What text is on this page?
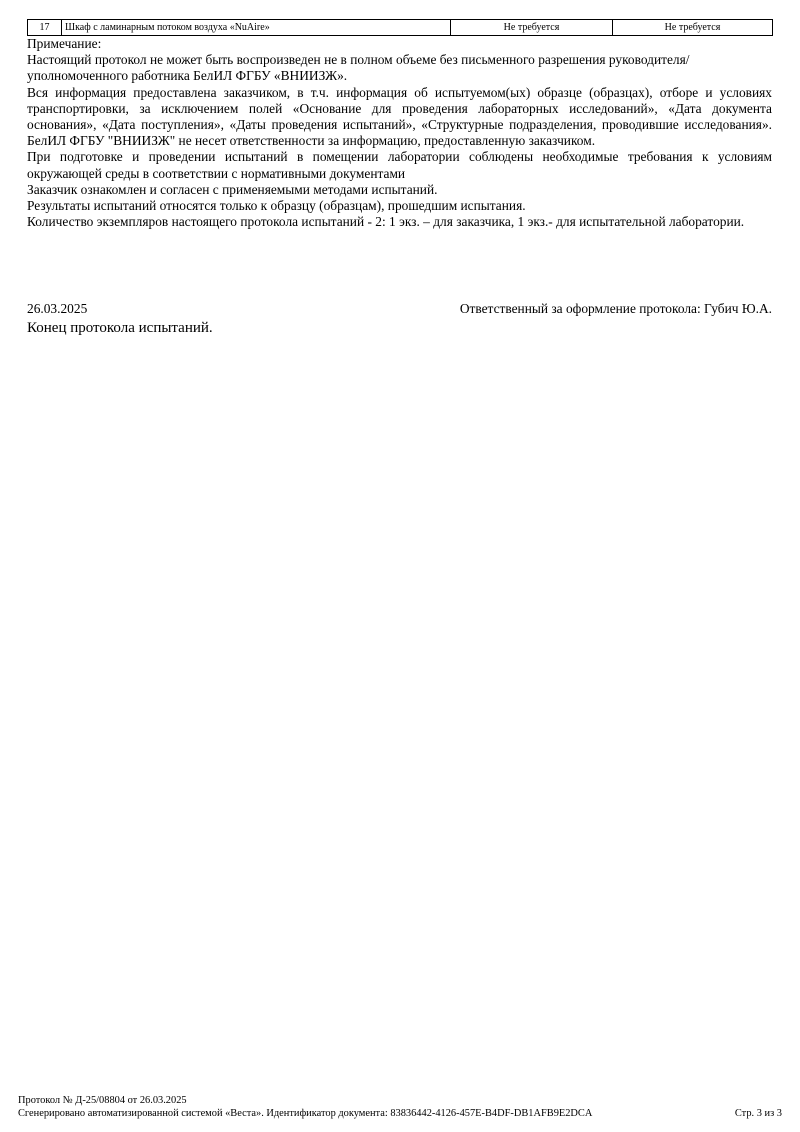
17	Шкаф с ламинарным потоком воздуха «NuAire»	Не требуется	Не требуется

Примечание:

Настоящий протокол не может быть воспроизведен не в полном объеме без письменного разрешения руководителя/уполномоченного работника БелИЛ ФГБУ «ВНИИЗЖ».

Вся информация предоставлена заказчиком, в т.ч. информация об испытуемом(ых) образце (образцах), отборе и условиях транспортировки, за исключением полей «Основание для проведения лабораторных исследований», «Дата документа основания», «Дата поступления», «Даты проведения испытаний», «Структурные подразделения, проводившие исследования». БелИЛ ФГБУ "ВНИИЗЖ" не несет ответственности за информацию, предоставленную заказчиком.

При подготовке и проведении испытаний в помещении лаборатории соблюдены необходимые требования к условиям окружающей среды в соответствии с нормативными документами

Заказчик ознакомлен и согласен с применяемыми методами испытаний.

Результаты испытаний относятся только к образцу (образцам), прошедшим испытания.

Количество экземпляров настоящего протокола испытаний - 2: 1 экз. – для заказчика, 1 экз.- для испытательной лаборатории.

26.03.2025	Ответственный за оформление протокола: Губич Ю.А.
Конец протокола испытаний.
Протокол № Д-25/08804 от 26.03.2025
Сгенерировано автоматизированной системой «Веста». Идентификатор документа: 83836442-4126-457E-B4DF-DB1AFB9E2DCA	Стр. 3 из 3
